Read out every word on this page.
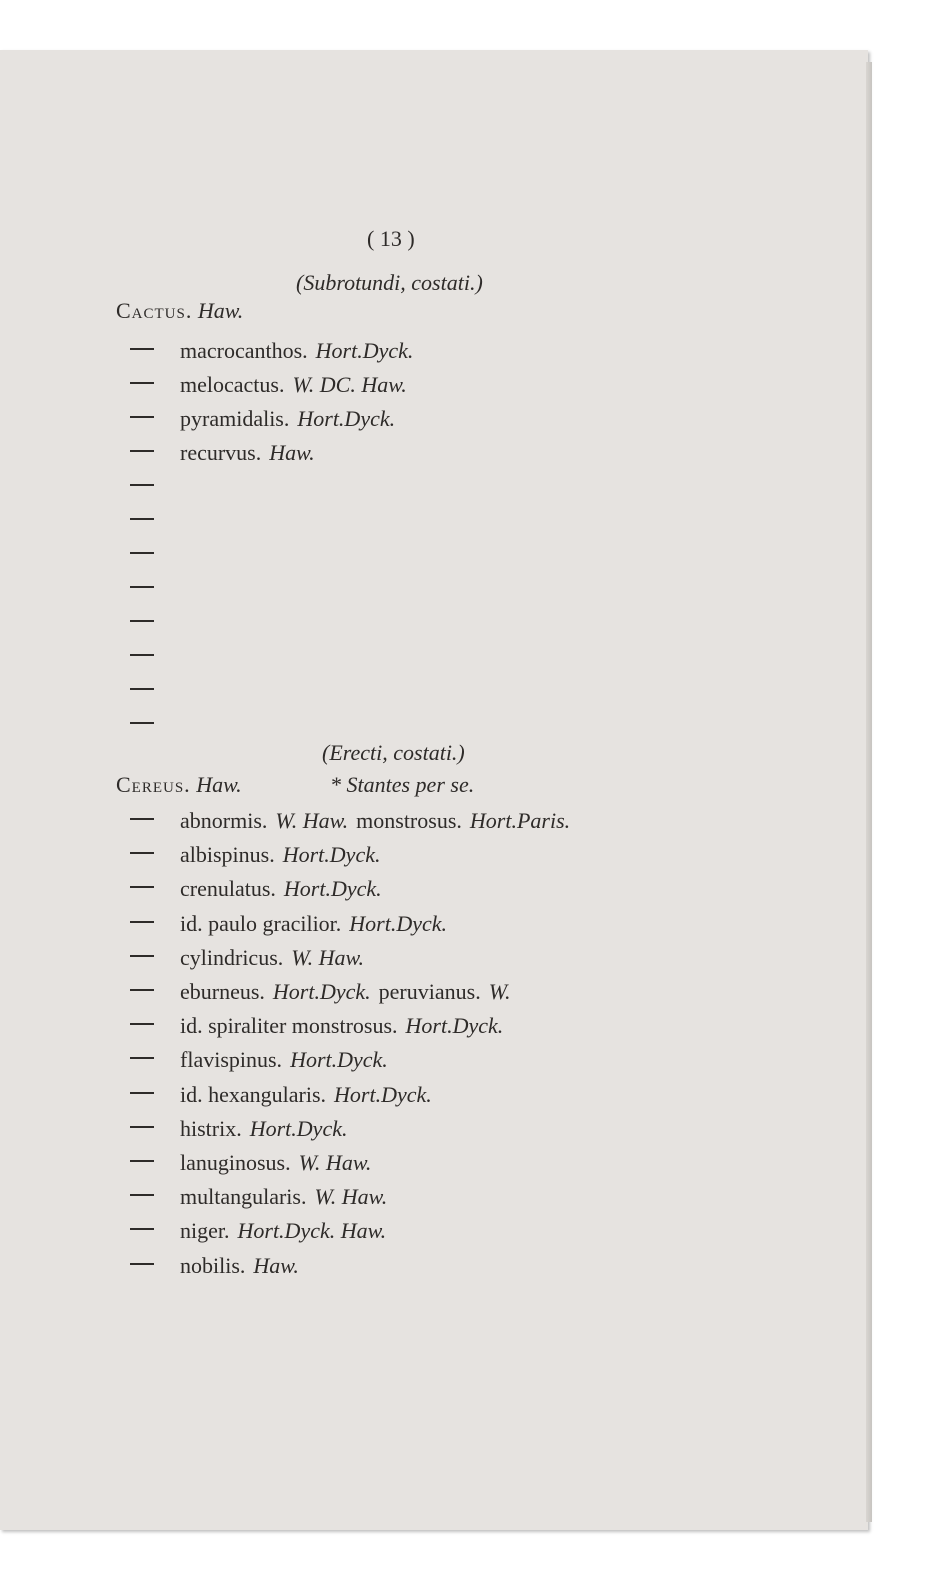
( 13 )
(Subrotundi, costati.)
Cactus. Haw.
macrocanthos. Hort.Dyck.
melocactus. W. DC. Haw.
pyramidalis. Hort.Dyck.
recurvus. Haw.
(Erecti, costati.)
Cereus. Haw.	* Stantes per se.
abnormis. W. Haw. monstrosus. Hort.Paris.
albispinus. Hort.Dyck.
crenulatus. Hort.Dyck.
id. paulo gracilior. Hort.Dyck.
cylindricus. W. Haw.
eburneus. Hort.Dyck. peruvianus. W.
id. spiraliter monstrosus. Hort.Dyck.
flavispinus. Hort.Dyck.
id. hexangularis. Hort.Dyck.
histrix. Hort.Dyck.
lanuginosus. W. Haw.
multangularis. W. Haw.
niger. Hort.Dyck. Haw.
nobilis. Haw.
